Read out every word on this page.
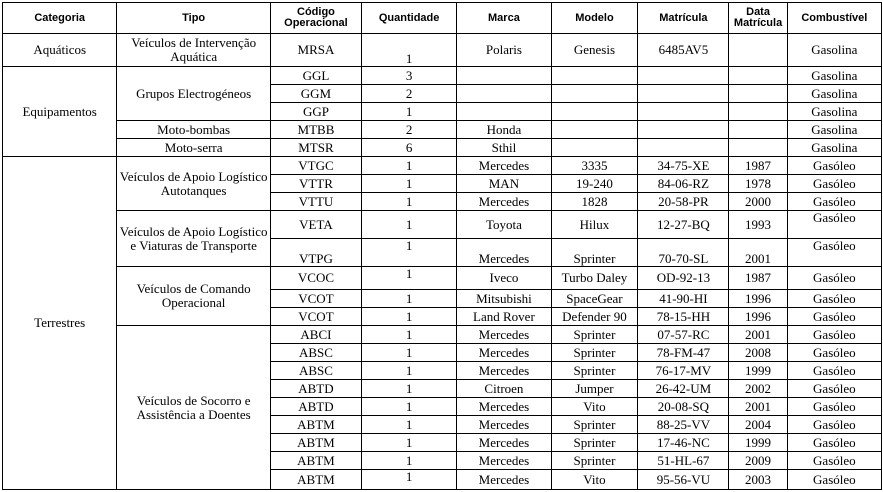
Categoria	Tipo	Código Operacional	Quantidade	Marca	Modelo	Matrícula	Data Matrícula	Combustível
Aquáticos	Veículos de Intervenção Aquática	MRSA	1	Polaris	Genesis	6485AV5		Gasolina
Equipamentos	Grupos Electrogéneos	GGL	3					Gasolina
		GGM	2					Gasolina
		GGP	1					Gasolina
	Moto-bombas	MTBB	2	Honda				Gasolina
	Moto-serra	MTSR	6	Sthil				Gasolina
Terrestres	Veículos de Apoio Logístico Autotanques	VTGC	1	Mercedes	3335	34-75-XE	1987	Gasóleo
		VTTR	1	MAN	19-240	84-06-RZ	1978	Gasóleo
		VTTU	1	Mercedes	1828	20-58-PR	2000	Gasóleo
	Veículos de Apoio Logístico e Viaturas de Transporte	VETA	1	Toyota	Hilux	12-27-BQ	1993	Gasóleo
		VTPG	1	Mercedes	Sprinter	70-70-SL	2001	Gasóleo
	Veículos de Comando Operacional	VCOC	1	Iveco	Turbo Daley	OD-92-13	1987	Gasóleo
		VCOT	1	Mitsubishi	SpaceGear	41-90-HI	1996	Gasóleo
		VCOT	1	Land Rover	Defender 90	78-15-HH	1996	Gasóleo
	Veículos de Socorro e Assistência a Doentes	ABCI	1	Mercedes	Sprinter	07-57-RC	2001	Gasóleo
		ABSC	1	Mercedes	Sprinter	78-FM-47	2008	Gasóleo
		ABSC	1	Mercedes	Sprinter	76-17-MV	1999	Gasóleo
		ABTD	1	Citroen	Jumper	26-42-UM	2002	Gasóleo
		ABTD	1	Mercedes	Vito	20-08-SQ	2001	Gasóleo
		ABTM	1	Mercedes	Sprinter	88-25-VV	2004	Gasóleo
		ABTM	1	Mercedes	Sprinter	17-46-NC	1999	Gasóleo
		ABTM	1	Mercedes	Sprinter	51-HL-67	2009	Gasóleo
		ABTM	1	Mercedes	Vito	95-56-VU	2003	Gasóleo
